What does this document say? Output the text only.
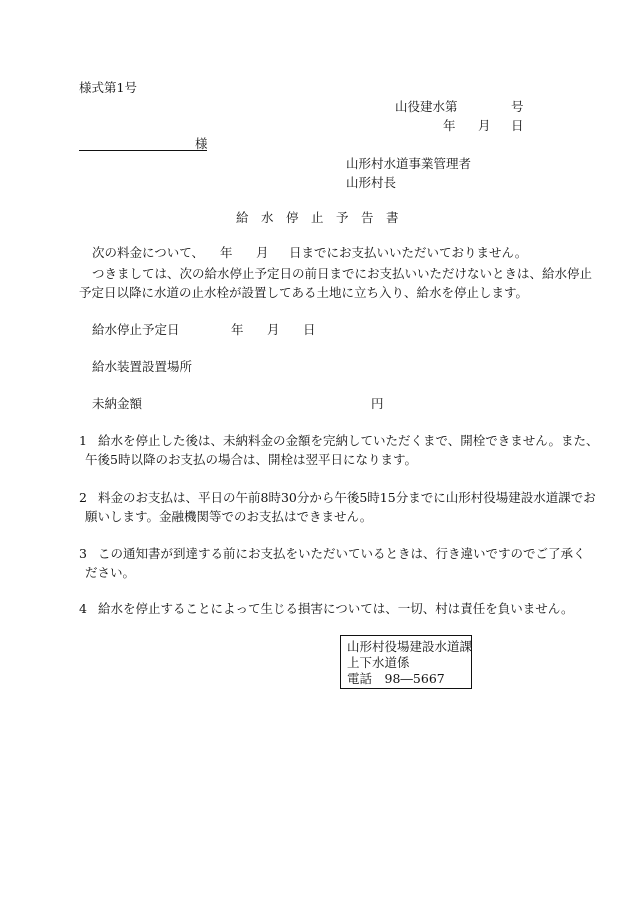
様式第1号
山役建水第	号
年 月 日
様
山形村水道事業管理者
山形村長
給　水　停　止　予　告　書
次の料金について、 年 月 日までにお支払いいただいておりません。
つきましては、次の給水停止予定日の前日までにお支払いいただけないときは、給水停止
予定日以降に水道の止水栓が設置してある土地に立ち入り、給水を停止します。
給水停止予定日	年 月 日
給水装置設置場所
未納金額	円
1 給水を停止した後は、未納料金の金額を完納していただくまで、開栓できません。また、
午後5時以降のお支払の場合は、開栓は翌平日になります。
2 料金のお支払は、平日の午前8時30分から午後5時15分までに山形村役場建設水道課でお
願いします。金融機関等でのお支払はできません。
3 この通知書が到達する前にお支払をいただいているときは、行き違いですのでご了承く
ださい。
4 給水を停止することによって生じる損害については、一切、村は責任を負いません。
山形村役場建設水道課
上下水道係
電話　 98―5667
